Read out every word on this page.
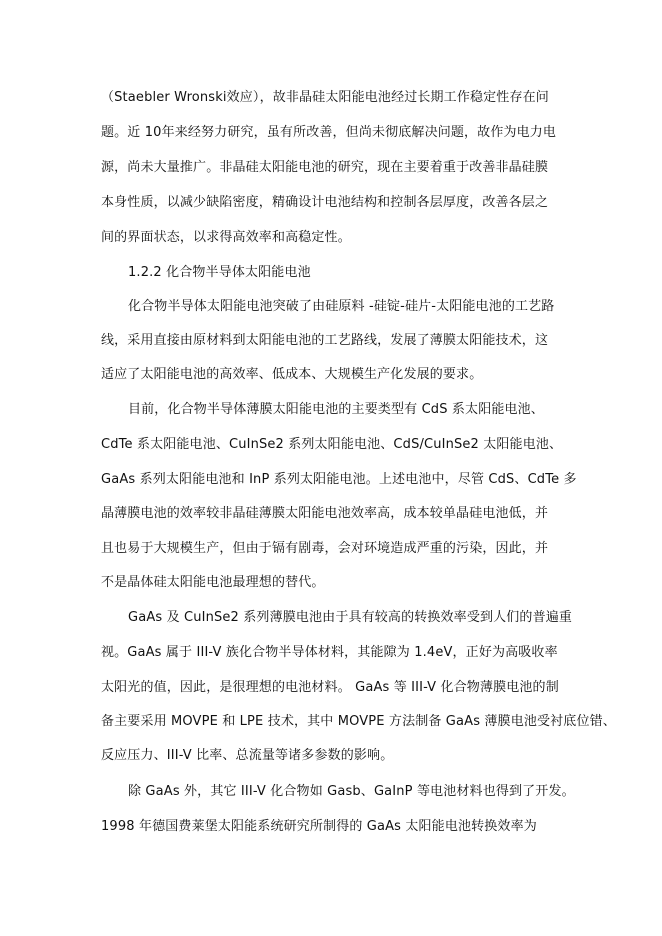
（Staebler Wronski效应），故非晶硅太阳能电池经过长期工作稳定性存在问
题。近 10年来经努力研究，虽有所改善，但尚未彻底解决问题，故作为电力电
源，尚未大量推广。非晶硅太阳能电池的研究，现在主要着重于改善非晶硅膜
本身性质，以减少缺陷密度，精确设计电池结构和控制各层厚度，改善各层之
间的界面状态，以求得高效率和高稳定性。
1.2.2 化合物半导体太阳能电池
化合物半导体太阳能电池突破了由硅原料 -硅锭-硅片-太阳能电池的工艺路
线，采用直接由原材料到太阳能电池的工艺路线，发展了薄膜太阳能技术，这
适应了太阳能电池的高效率、低成本、大规模生产化发展的要求。
目前，化合物半导体薄膜太阳能电池的主要类型有 CdS 系太阳能电池、
CdTe 系太阳能电池、CuInSe2 系列太阳能电池、CdS/CuInSe2 太阳能电池、
GaAs 系列太阳能电池和 InP 系列太阳能电池。上述电池中，尽管 CdS、CdTe 多
晶薄膜电池的效率较非晶硅薄膜太阳能电池效率高，成本较单晶硅电池低，并
且也易于大规模生产，但由于镉有剧毒，会对环境造成严重的污染，因此，并
不是晶体硅太阳能电池最理想的替代。
GaAs 及 CuInSe2 系列薄膜电池由于具有较高的转换效率受到人们的普遍重
视。GaAs 属于 III-V 族化合物半导体材料，其能隙为 1.4eV，正好为高吸收率
太阳光的值，因此，是很理想的电池材料。 GaAs 等 III-V 化合物薄膜电池的制
备主要采用 MOVPE 和 LPE 技术，其中 MOVPE 方法制备 GaAs 薄膜电池受衬底位错、
反应压力、III-V 比率、总流量等诸多参数的影响。
除 GaAs 外，其它 III-V 化合物如 Gasb、GaInP 等电池材料也得到了开发。
1998 年德国费莱堡太阳能系统研究所制得的 GaAs 太阳能电池转换效率为
